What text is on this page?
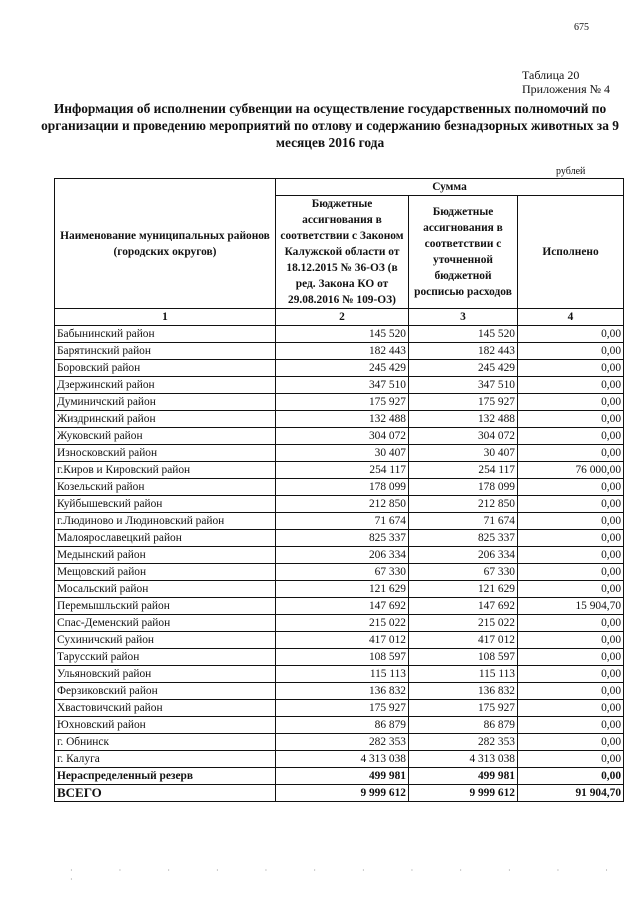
675
Таблица 20
Приложения № 4
Информация об исполнении субвенции на осуществление государственных полномочий по организации и проведению мероприятий по отлову и содержанию безнадзорных животных за 9 месяцев 2016 года
рублей
Наименование муниципальных районов (городских округов)	Сумма		
	Бюджетные ассигнования в соответствии с Законом Калужской области от 18.12.2015 № 36-ОЗ (в ред. Закона КО от 29.08.2016 № 109-ОЗ)	Бюджетные ассигнования в соответствии с уточненной бюджетной росписью расходов	Исполнено
1	2	3	4
Бабынинский район	145 520	145 520	0,00
Барятинский район	182 443	182 443	0,00
Боровский район	245 429	245 429	0,00
Дзержинский район	347 510	347 510	0,00
Думиничский район	175 927	175 927	0,00
Жиздринский район	132 488	132 488	0,00
Жуковский район	304 072	304 072	0,00
Износковский район	30 407	30 407	0,00
г.Киров и Кировский район	254 117	254 117	76 000,00
Козельский район	178 099	178 099	0,00
Куйбышевский район	212 850	212 850	0,00
г.Людиново и Людиновский район	71 674	71 674	0,00
Малоярославецкий район	825 337	825 337	0,00
Медынский район	206 334	206 334	0,00
Мещовский район	67 330	67 330	0,00
Мосальский район	121 629	121 629	0,00
Перемышльский район	147 692	147 692	15 904,70
Спас-Деменский район	215 022	215 022	0,00
Сухиничский район	417 012	417 012	0,00
Тарусский район	108 597	108 597	0,00
Ульяновский район	115 113	115 113	0,00
Ферзиковский район	136 832	136 832	0,00
Хвастовичский район	175 927	175 927	0,00
Юхновский район	86 879	86 879	0,00
г. Обнинск	282 353	282 353	0,00
г. Калуга	4 313 038	4 313 038	0,00
Нераспределенный резерв	499 981	499 981	0,00
ВСЕГО	9 999 612	9 999 612	91 904,70
· · · · · · · · · · · · ·
